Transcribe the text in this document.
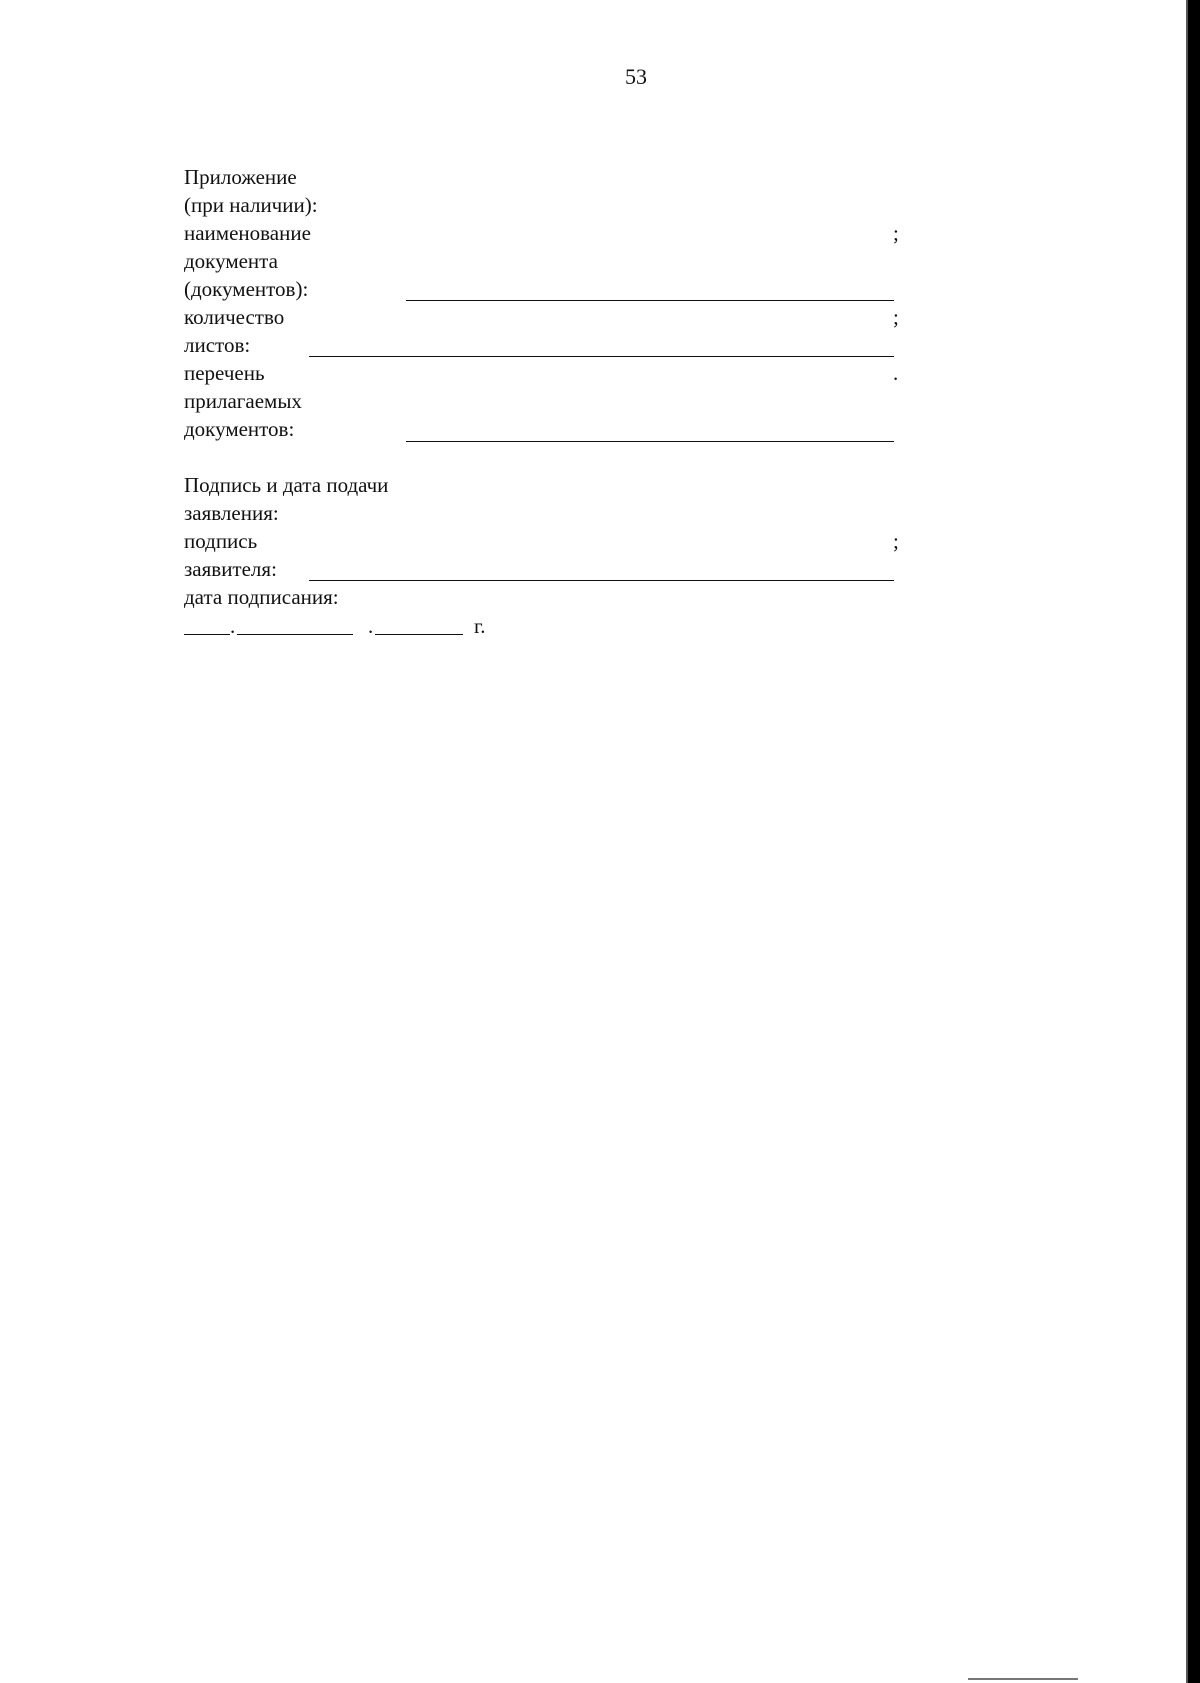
53
Приложение
(при наличии):
наименование
документа
(документов):
;
количество
листов:
;
перечень
прилагаемых
документов:
.
Подпись и дата подачи
заявления:
подпись
заявителя:
;
дата подписания:
.	.	г.
